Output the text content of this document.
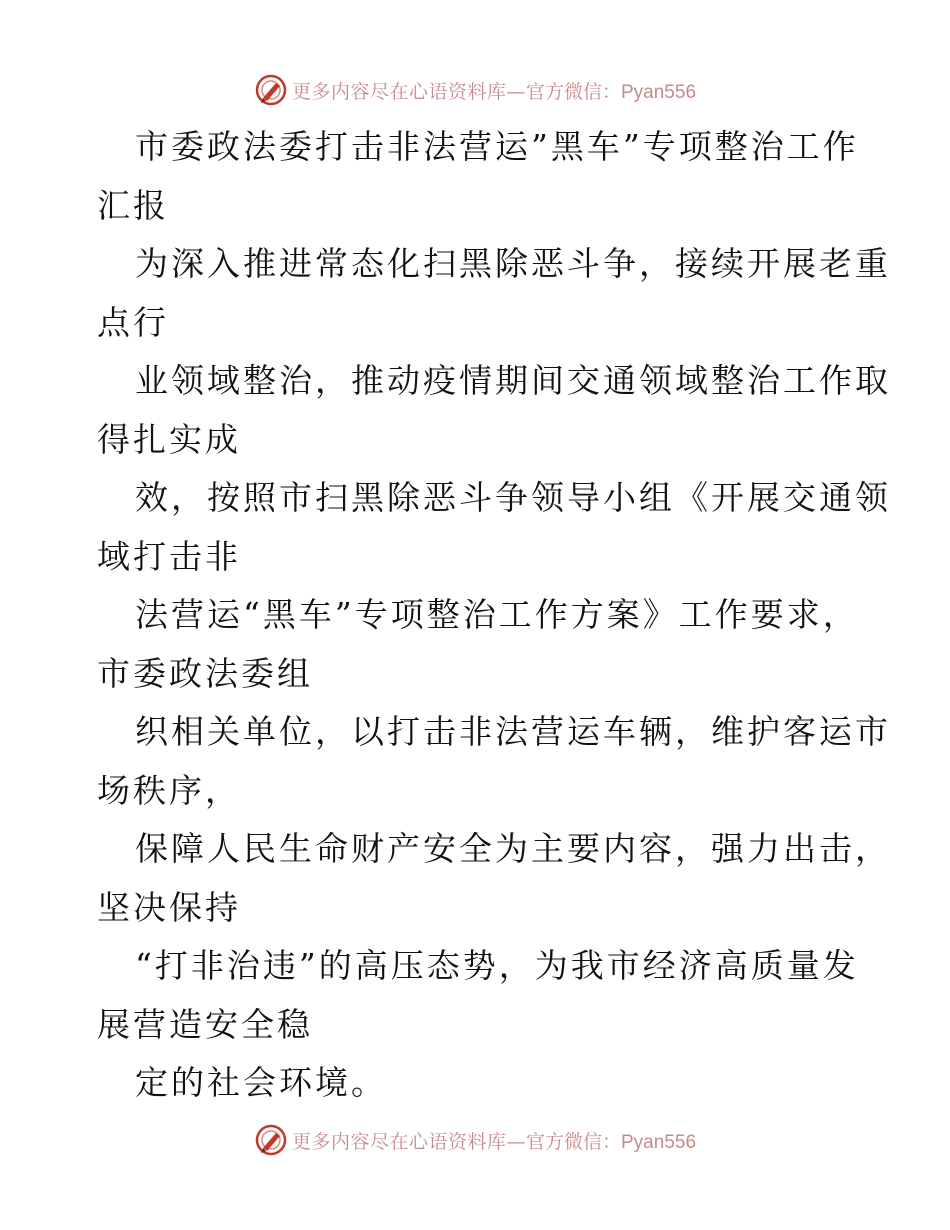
更多内容尽在心语资料库— 官方微信：Pyan556

市委政法委打击非法营运”黑车”专项整治工作

汇报

为深入推进常态化扫黑除恶斗争，接续开展老重

点行

业领域整治，推动疫情期间交通领域整治工作取

得扎实成

效，按照市扫黑除恶斗争领导小组《开展交通领

域打击非

法营运“黑车”专项整治工作方案》工作要求，

市委政法委组

织相关单位，以打击非法营运车辆，维护客运市

场秩序，

保障人民生命财产安全为主要内容，强力出击，

坚决保持

“打非治违”的高压态势，为我市经济高质量发

展营造安全稳

定的社会环境。

更多内容尽在心语资料库— 官方微信：Pyan556
